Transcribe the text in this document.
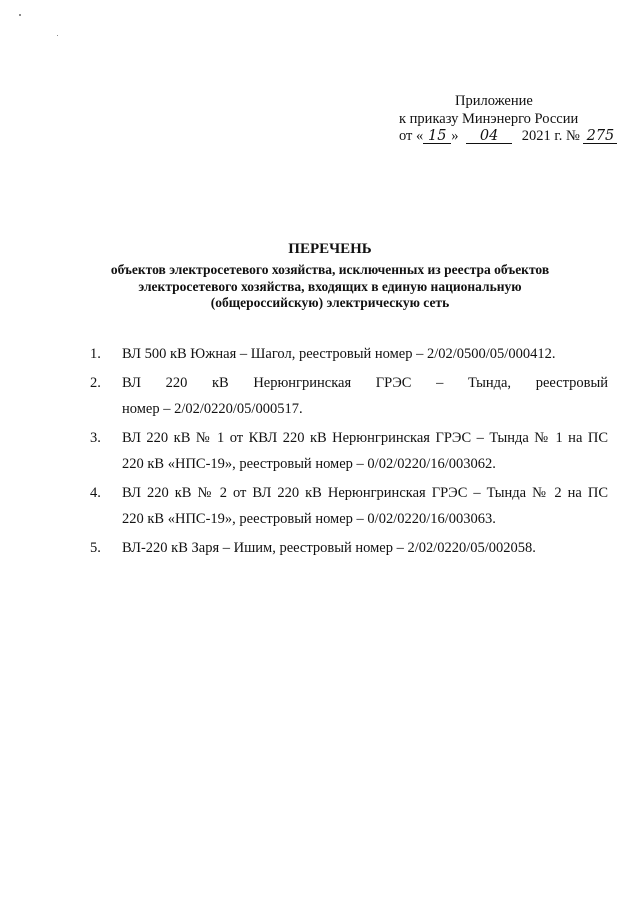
Приложение
к приказу Минэнерго России
от « 15 » 04 2021 г. № 275
ПЕРЕЧЕНЬ
объектов электросетевого хозяйства, исключенных из реестра объектов
электросетевого хозяйства, входящих в единую национальную
(общероссийскую) электрическую сеть
1. ВЛ 500 кВ Южная – Шагол, реестровый номер – 2/02/0500/05/000412.
2. ВЛ 220 кВ Нерюнгринская ГРЭС – Тында, реестровый
номер – 2/02/0220/05/000517.
3. ВЛ 220 кВ № 1 от КВЛ 220 кВ Нерюнгринская ГРЭС – Тында № 1 на ПС
220 кВ «НПС-19», реестровый номер – 0/02/0220/16/003062.
4. ВЛ 220 кВ № 2 от ВЛ 220 кВ Нерюнгринская ГРЭС – Тында № 2 на ПС
220 кВ «НПС-19», реестровый номер – 0/02/0220/16/003063.
5. ВЛ-220 кВ Заря – Ишим, реестровый номер – 2/02/0220/05/002058.
